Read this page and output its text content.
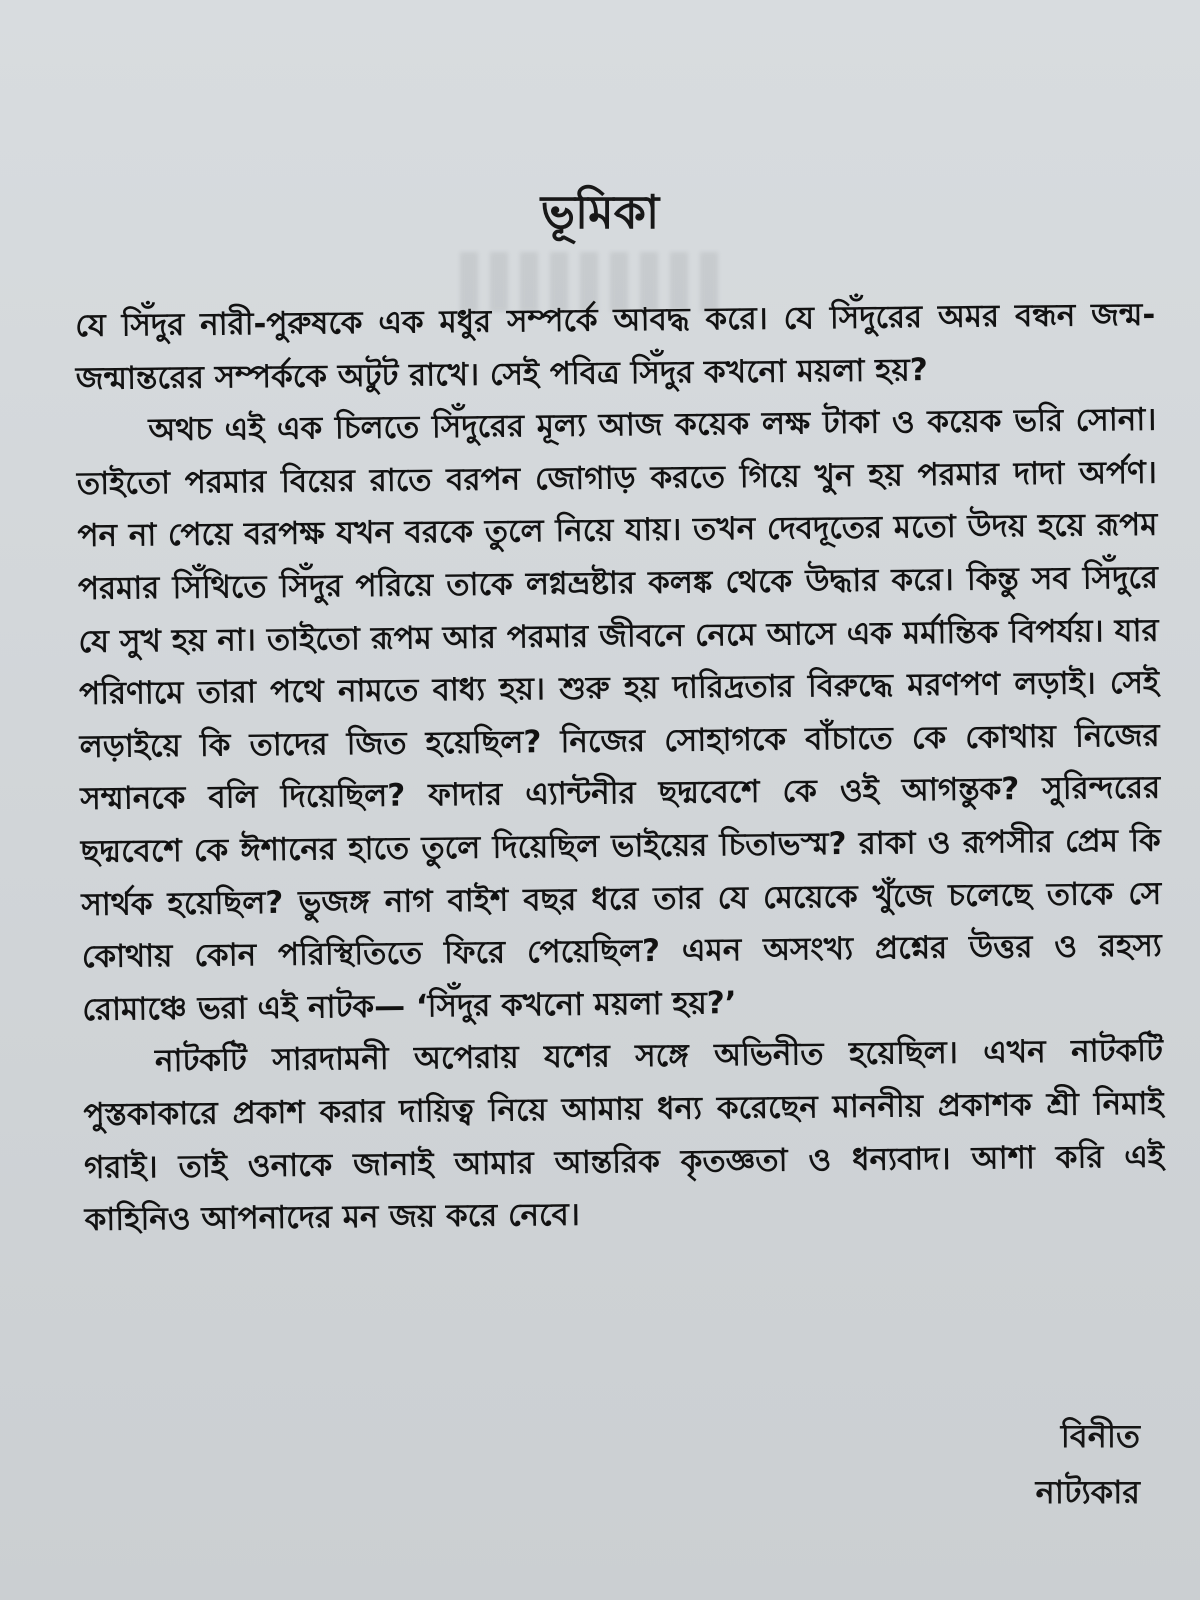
ভূমিকা

যে সিঁদুর নারী-পুরুষকে এক মধুর সম্পর্কে আবদ্ধ করে। যে সিঁদুরের অমর বন্ধন জন্ম-জন্মান্তরের সম্পর্ককে অটুট রাখে। সেই পবিত্র সিঁদুর কখনো ময়লা হয়?

অথচ এই এক চিলতে সিঁদুরের মূল্য আজ কয়েক লক্ষ টাকা ও কয়েক ভরি সোনা। তাইতো পরমার বিয়ের রাতে বরপন জোগাড় করতে গিয়ে খুন হয় পরমার দাদা অর্পণ। পন না পেয়ে বরপক্ষ যখন বরকে তুলে নিয়ে যায়। তখন দেবদূতের মতো উদয় হয়ে রূপম পরমার সিঁথিতে সিঁদুর পরিয়ে তাকে লগ্নভ্রষ্টার কলঙ্ক থেকে উদ্ধার করে। কিন্তু সব সিঁদুরে যে সুখ হয় না। তাইতো রূপম আর পরমার জীবনে নেমে আসে এক মর্মান্তিক বিপর্যয়। যার পরিণামে তারা পথে নামতে বাধ্য হয়। শুরু হয় দারিদ্রতার বিরুদ্ধে মরণপণ লড়াই। সেই লড়াইয়ে কি তাদের জিত হয়েছিল? নিজের সোহাগকে বাঁচাতে কে কোথায় নিজের সম্মানকে বলি দিয়েছিল? ফাদার এ্যান্টনীর ছদ্মবেশে কে ওই আগন্তুক? সুরিন্দরের ছদ্মবেশে কে ঈশানের হাতে তুলে দিয়েছিল ভাইয়ের চিতাভস্ম? রাকা ও রূপসীর প্রেম কি সার্থক হয়েছিল? ভুজঙ্গ নাগ বাইশ বছর ধরে তার যে মেয়েকে খুঁজে চলেছে তাকে সে কোথায় কোন পরিস্থিতিতে ফিরে পেয়েছিল? এমন অসংখ্য প্রশ্নের উত্তর ও রহস্য রোমাঞ্চে ভরা এই নাটক— ‘সিঁদুর কখনো ময়লা হয়?’

নাটকটি সারদামনী অপেরায় যশের সঙ্গে অভিনীত হয়েছিল। এখন নাটকটি পুস্তকাকারে প্রকাশ করার দায়িত্ব নিয়ে আমায় ধন্য করেছেন মাননীয় প্রকাশক শ্রী নিমাই গরাই। তাই ওনাকে জানাই আমার আন্তরিক কৃতজ্ঞতা ও ধন্যবাদ। আশা করি এই কাহিনিও আপনাদের মন জয় করে নেবে।

বিনীত
নাট্যকার
